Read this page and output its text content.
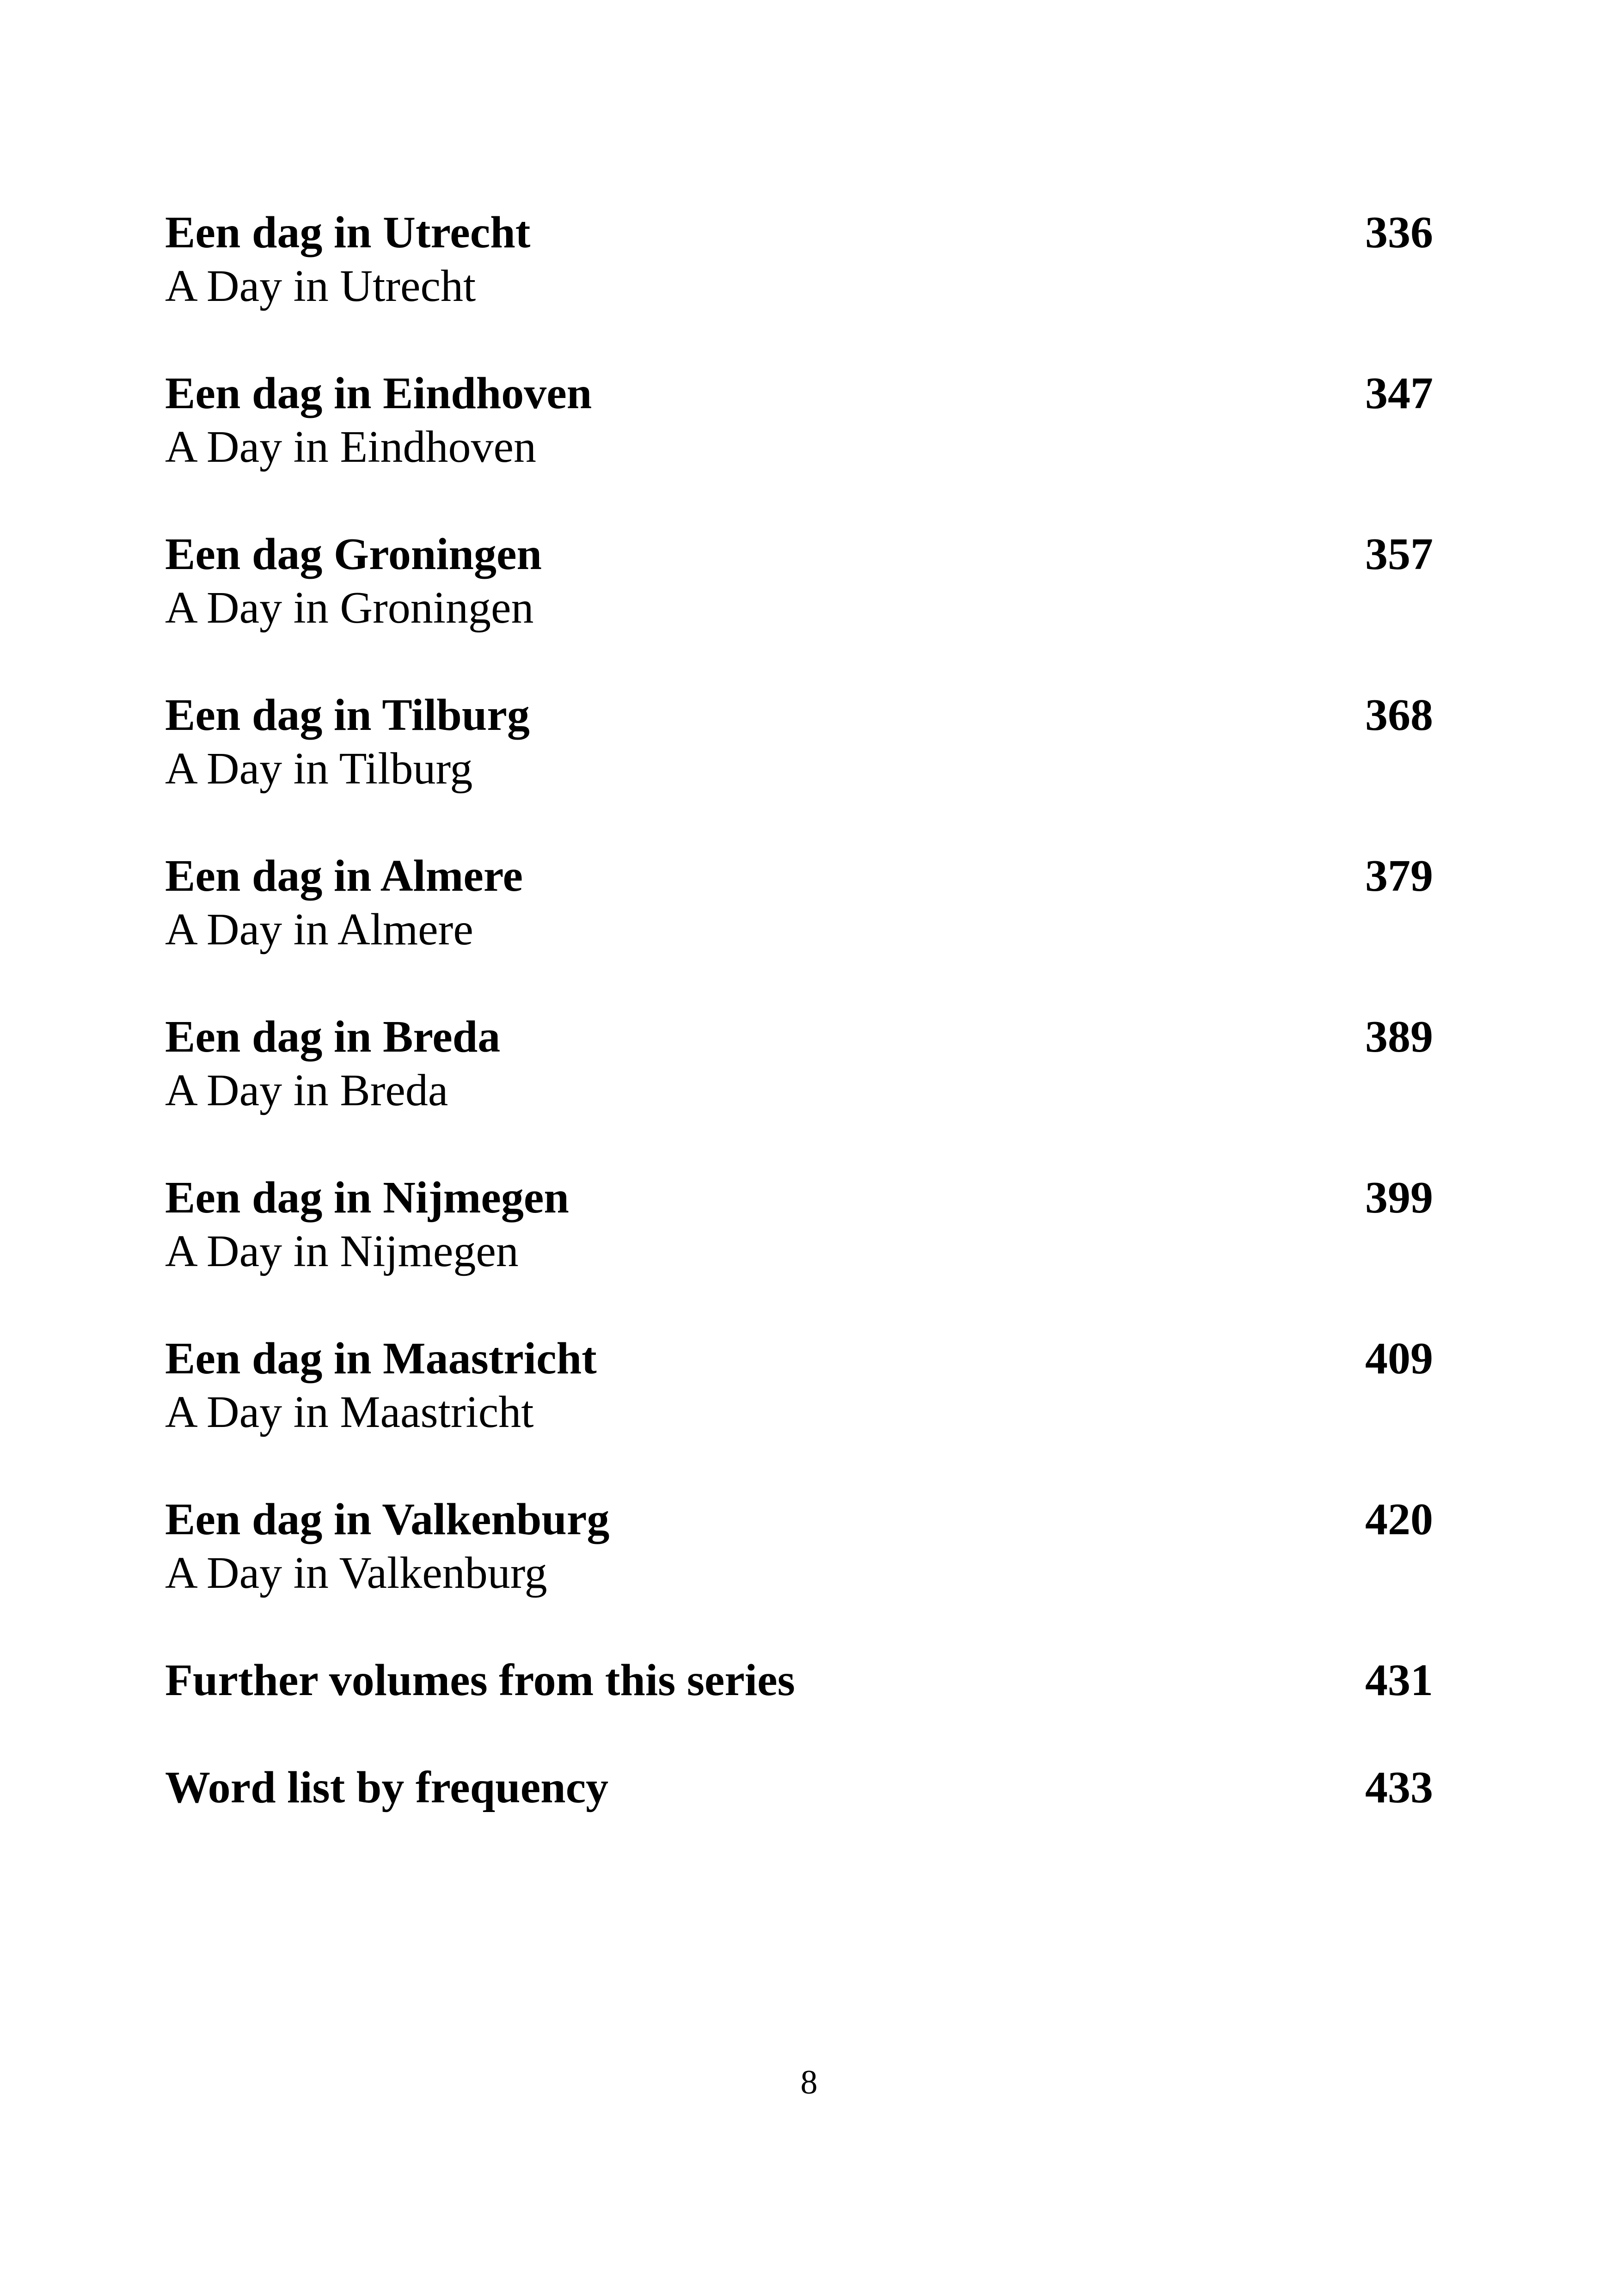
Een dag in Utrecht
A Day in Utrecht
336
Een dag in Eindhoven
A Day in Eindhoven
347
Een dag Groningen
A Day in Groningen
357
Een dag in Tilburg
A Day in Tilburg
368
Een dag in Almere
A Day in Almere
379
Een dag in Breda
A Day in Breda
389
Een dag in Nijmegen
A Day in Nijmegen
399
Een dag in Maastricht
A Day in Maastricht
409
Een dag in Valkenburg
A Day in Valkenburg
420
Further volumes from this series	431
Word list by frequency	433
8
